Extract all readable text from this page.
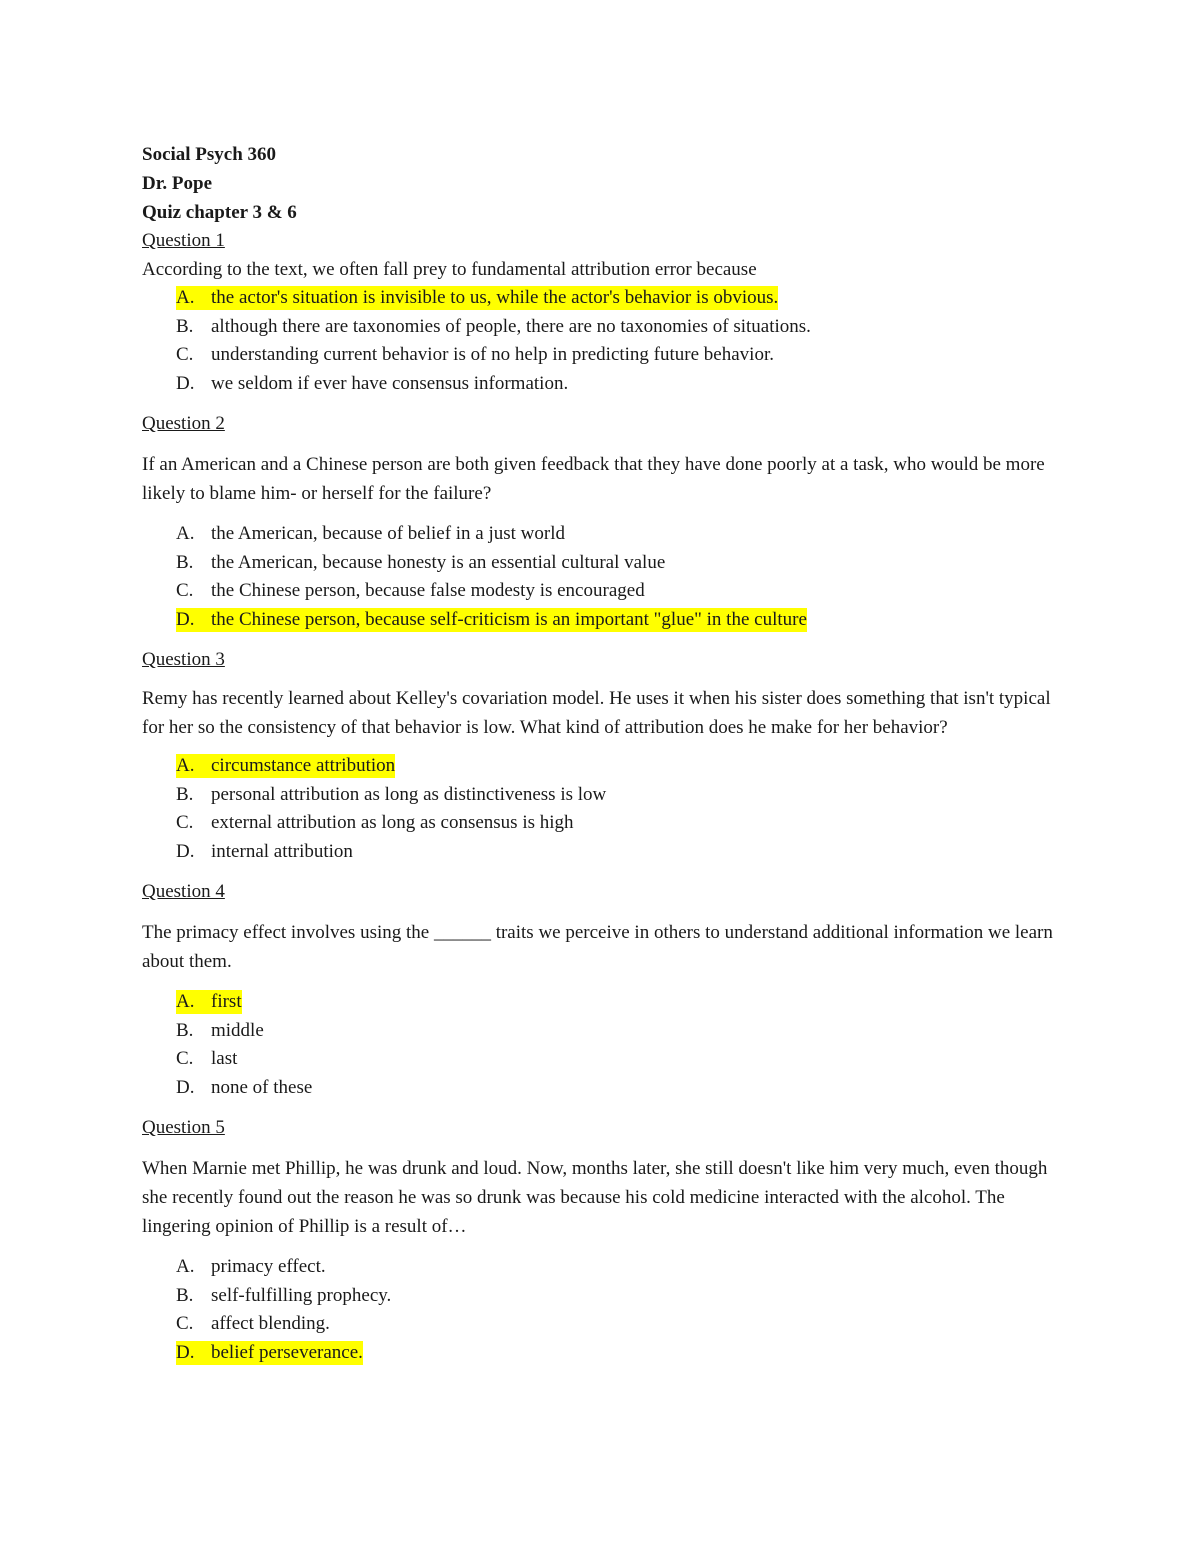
Social Psych 360

Dr. Pope

Quiz chapter 3 & 6

Question 1

According to the text, we often fall prey to fundamental attribution error because

A. the actor's situation is invisible to us, while the actor's behavior is obvious.
B. although there are taxonomies of people, there are no taxonomies of situations.
C. understanding current behavior is of no help in predicting future behavior.
D. we seldom if ever have consensus information.

Question 2

If an American and a Chinese person are both given feedback that they have done poorly at a task, who would be more likely to blame him- or herself for the failure?

A. the American, because of belief in a just world
B. the American, because honesty is an essential cultural value
C. the Chinese person, because false modesty is encouraged
D. the Chinese person, because self-criticism is an important "glue" in the culture

Question 3

Remy has recently learned about Kelley's covariation model. He uses it when his sister does something that isn't typical for her so the consistency of that behavior is low. What kind of attribution does he make for her behavior?

A. circumstance attribution
B. personal attribution as long as distinctiveness is low
C. external attribution as long as consensus is high
D. internal attribution

Question 4

The primacy effect involves using the ______ traits we perceive in others to understand additional information we learn about them.

A. first
B. middle
C. last
D. none of these

Question 5

When Marnie met Phillip, he was drunk and loud. Now, months later, she still doesn't like him very much, even though she recently found out the reason he was so drunk was because his cold medicine interacted with the alcohol. The lingering opinion of Phillip is a result of…

A. primacy effect.
B. self-fulfilling prophecy.
C. affect blending.
D. belief perseverance.
